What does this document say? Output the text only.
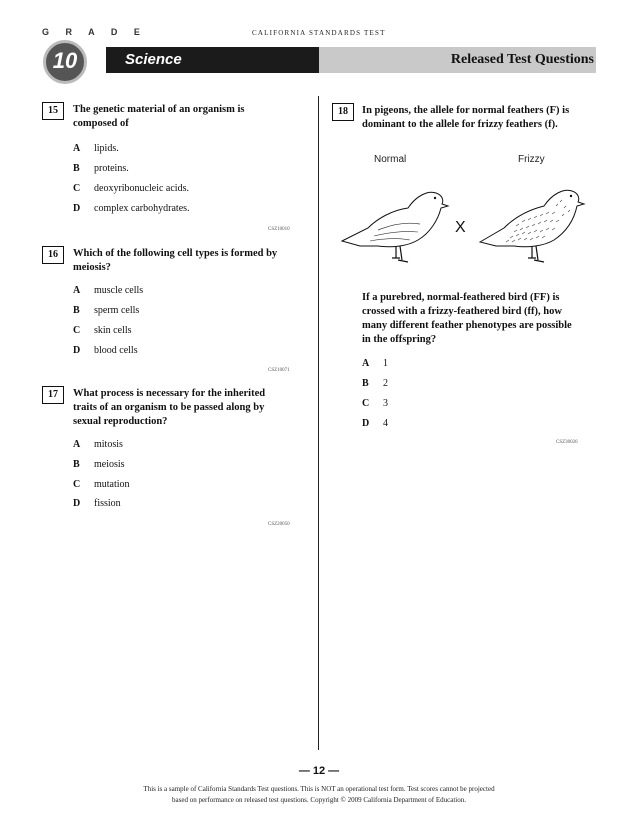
G R A D E	CALIFORNIA STANDARDS TEST
10	Science	Released Test Questions
15	The genetic material of an organism is
composed of
A lipids.
B proteins.
C deoxyribonucleic acids.
D complex carbohydrates.
CSZ10010
16	Which of the following cell types is formed by
meiosis?
A muscle cells
B sperm cells
C skin cells
D blood cells
CSZ10071
17	What process is necessary for the inherited
traits of an organism to be passed along by
sexual reproduction?
A mitosis
B meiosis
C mutation
D fission
CSZ20050
18	In pigeons, the allele for normal feathers (F) is
dominant to the allele for frizzy feathers (f).
Normal	Frizzy
X
If a purebred, normal-feathered bird (FF) is
crossed with a frizzy-feathered bird (ff), how
many different feather phenotypes are possible
in the offspring?
A 1
B 2
C 3
D 4
CSZ30026
— 12 —
This is a sample of California Standards Test questions. This is NOT an operational test form. Test scores cannot be projected
based on performance on released test questions. Copyright © 2009 California Department of Education.
